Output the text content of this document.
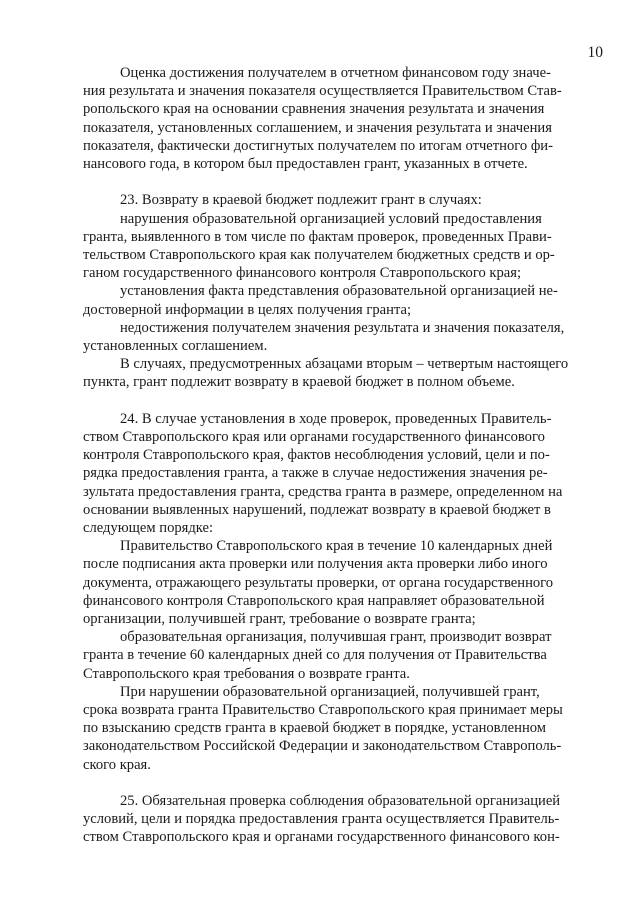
10

Оценка достижения получателем в отчетном финансовом году значе-
ния результата и значения показателя осуществляется Правительством Став-
ропольского края на основании сравнения значения результата и значения
показателя, установленных соглашением, и значения результата и значения
показателя, фактически достигнутых получателем по итогам отчетного фи-
нансового года, в котором был предоставлен грант, указанных в отчете.

23. Возврату в краевой бюджет подлежит грант в случаях:

нарушения образовательной организацией условий предоставления
гранта, выявленного в том числе по фактам проверок, проведенных Прави-
тельством Ставропольского края как получателем бюджетных средств и ор-
ганом государственного финансового контроля Ставропольского края;

установления факта представления образовательной организацией не-
достоверной информации в целях получения гранта;

недостижения получателем значения результата и значения показателя,
установленных соглашением.

В случаях, предусмотренных абзацами вторым – четвертым настоящего
пункта, грант подлежит возврату в краевой бюджет в полном объеме.

24. В случае установления в ходе проверок, проведенных Правитель-
ством Ставропольского края или органами государственного финансового
контроля Ставропольского края, фактов несоблюдения условий, цели и по-
рядка предоставления гранта, а также в случае недостижения значения ре-
зультата предоставления гранта, средства гранта в размере, определенном на
основании выявленных нарушений, подлежат возврату в краевой бюджет в
следующем порядке:

Правительство Ставропольского края в течение 10 календарных дней
после подписания акта проверки или получения акта проверки либо иного
документа, отражающего результаты проверки, от органа государственного
финансового контроля Ставропольского края направляет образовательной
организации, получившей грант, требование о возврате гранта;

образовательная организация, получившая грант, производит возврат
гранта в течение 60 календарных дней со для получения от Правительства
Ставропольского края требования о возврате гранта.

При нарушении образовательной организацией, получившей грант,
срока возврата гранта Правительство Ставропольского края принимает меры
по взысканию средств гранта в краевой бюджет в порядке, установленном
законодательством Российской Федерации и законодательством Ставрополь-
ского края.

25. Обязательная проверка соблюдения образовательной организацией
условий, цели и порядка предоставления гранта осуществляется Правитель-
ством Ставропольского края и органами государственного финансового кон-
